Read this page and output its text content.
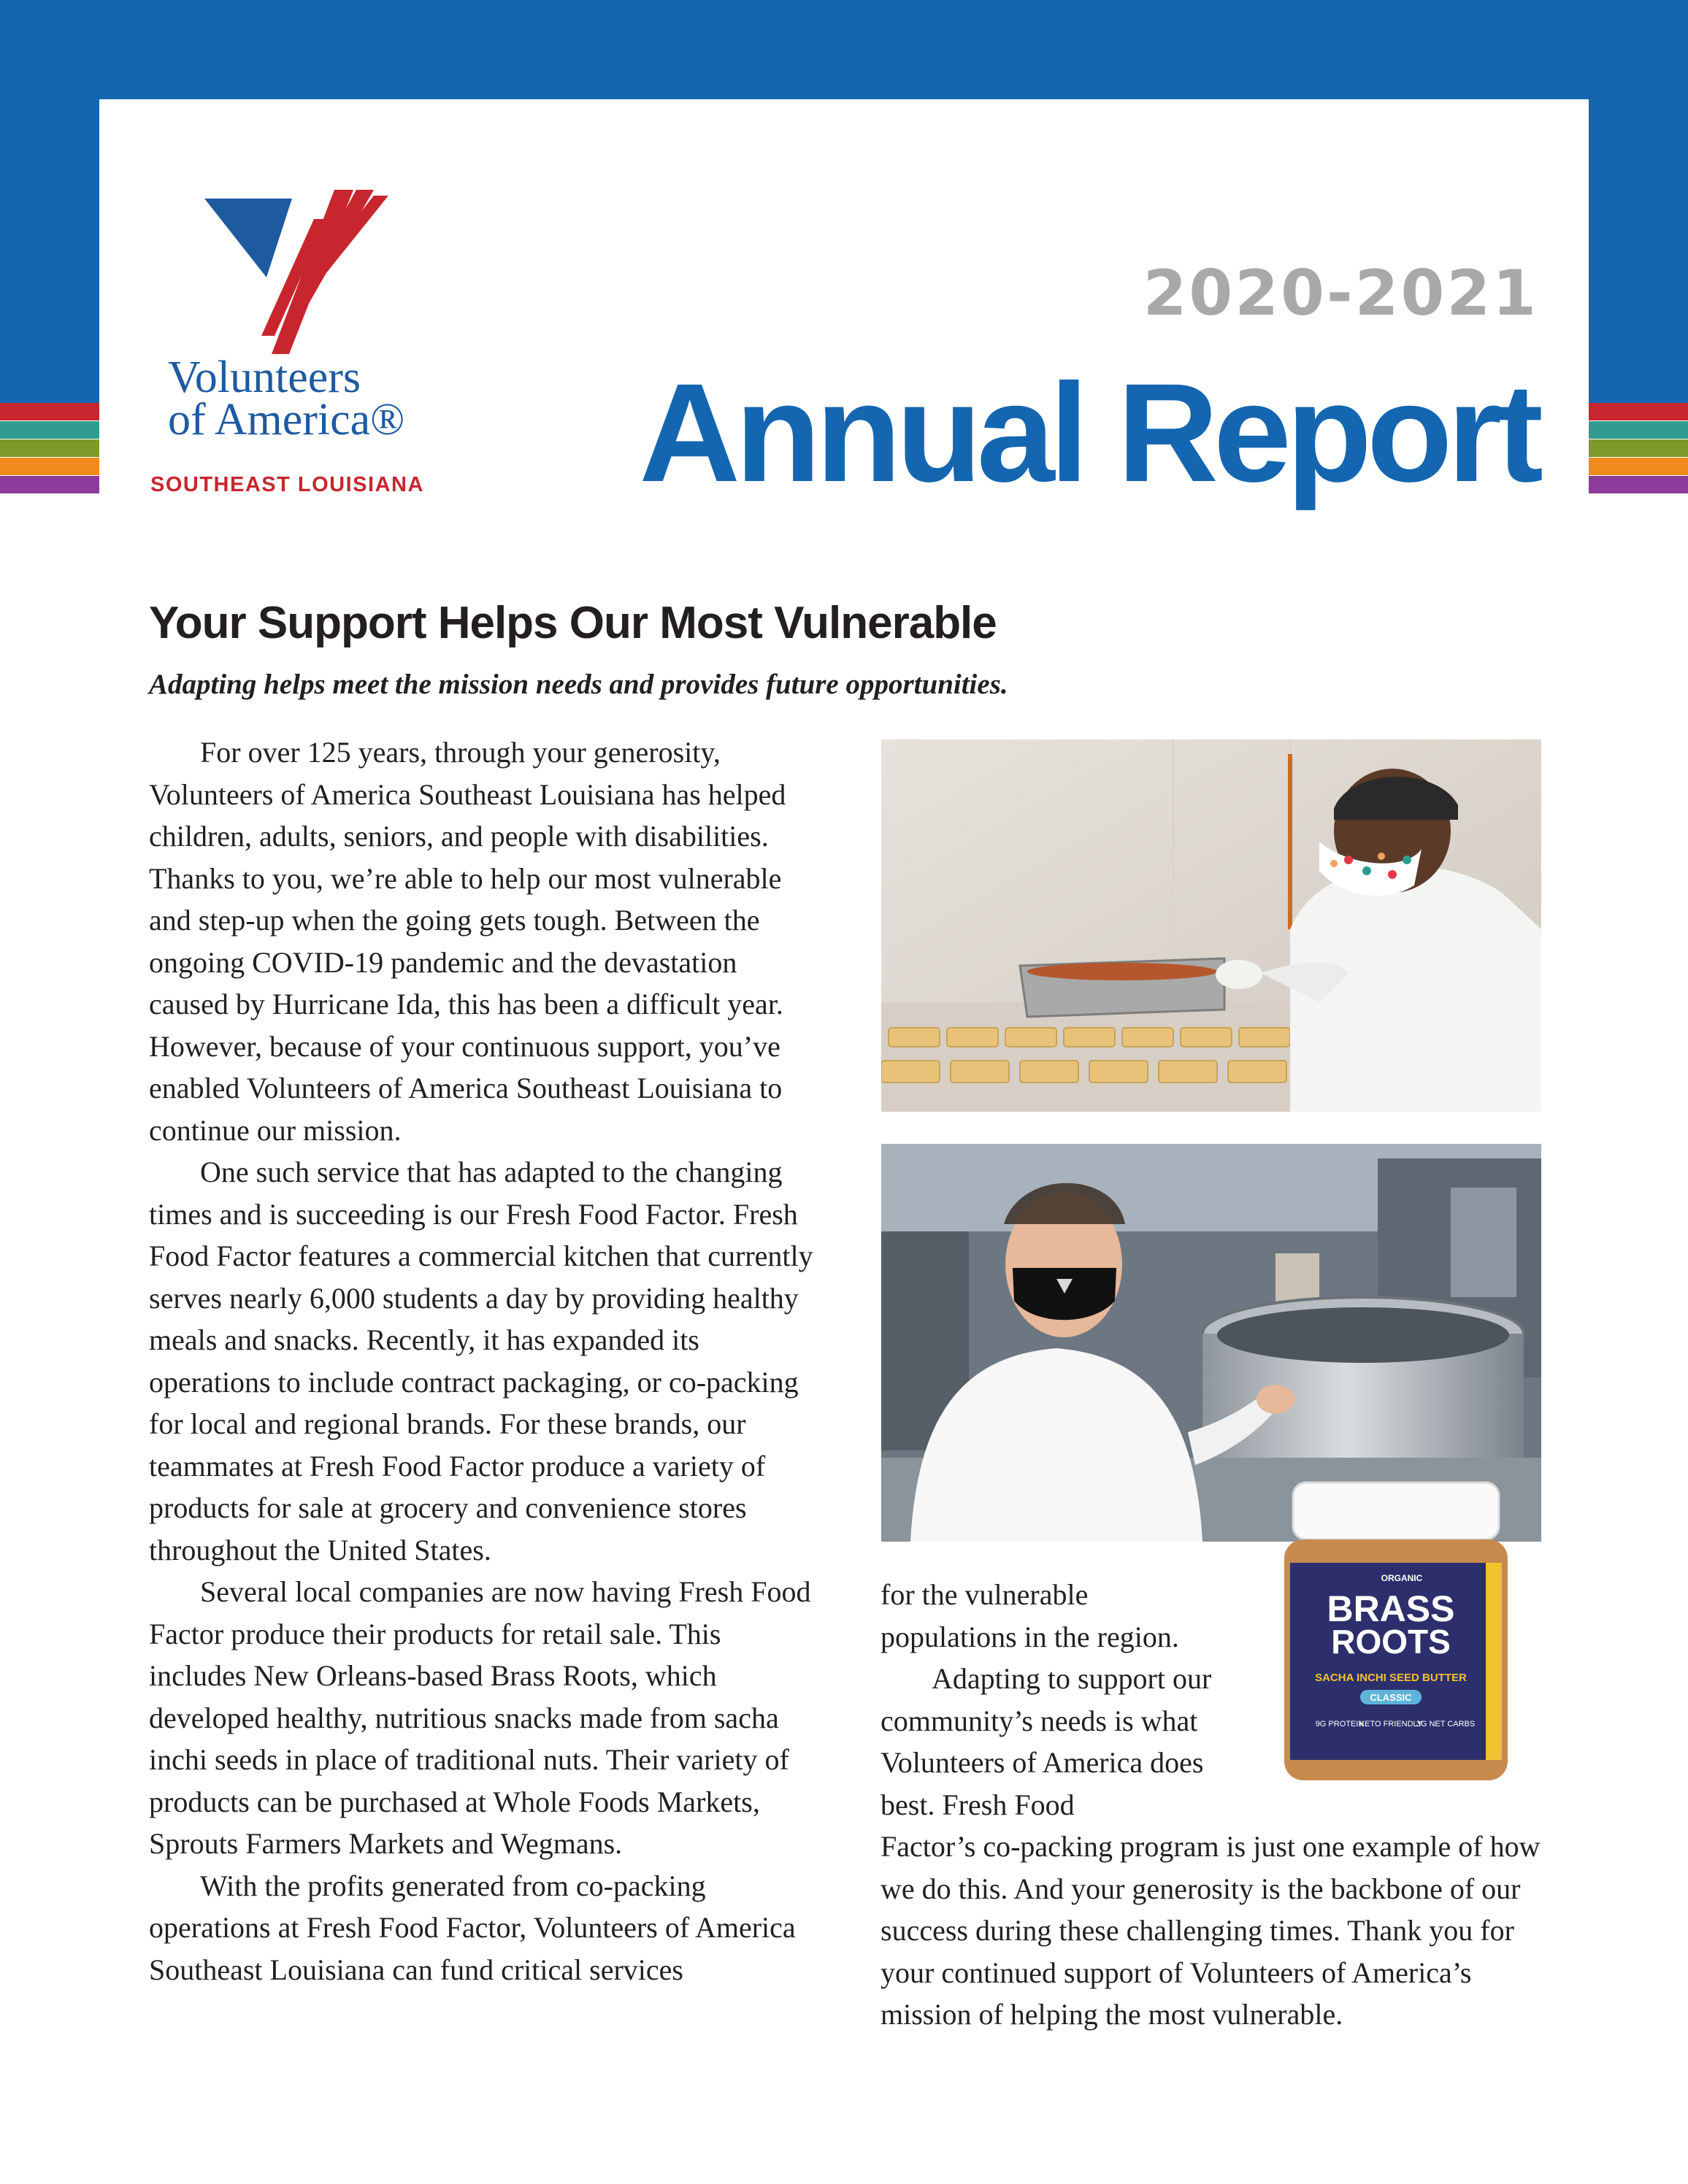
Volunteers
of America®
SOUTHEAST LOUISIANA
2020-2021
Annual Report
Your Support Helps Our Most Vulnerable
Adapting helps meet the mission needs and provides future opportunities.

For over 125 years, through your generosity, Volunteers of America Southeast Louisiana has helped children, adults, seniors, and people with disabilities. Thanks to you, we’re able to help our most vulnerable and step-up when the going gets tough. Between the ongoing COVID-19 pandemic and the devastation caused by Hurricane Ida, this has been a difficult year. However, because of your continuous support, you’ve enabled Volunteers of America Southeast Louisiana to continue our mission.

One such service that has adapted to the changing times and is succeeding is our Fresh Food Factor. Fresh Food Factor features a commercial kitchen that currently serves nearly 6,000 students a day by providing healthy meals and snacks. Recently, it has expanded its operations to include contract packaging, or co-packing for local and regional brands. For these brands, our teammates at Fresh Food Factor produce a variety of products for sale at grocery and convenience stores throughout the United States.

Several local companies are now having Fresh Food Factor produce their products for retail sale. This includes New Orleans-based Brass Roots, which developed healthy, nutritious snacks made from sacha inchi seeds in place of traditional nuts. Their variety of products can be purchased at Whole Foods Markets, Sprouts Farmers Markets and Wegmans.

With the profits generated from co-packing operations at Fresh Food Factor, Volunteers of America Southeast Louisiana can fund critical services

ORGANIC
BRASS
ROOTS
SACHA INCHI SEED BUTTER
CLASSIC
9G PROTEIN
KETO FRIENDLY
3G NET CARBS

for the vulnerable populations in the region.

Adapting to support our community’s needs is what Volunteers of America does best. Fresh Food

Factor’s co-packing program is just one example of how we do this. And your generosity is the backbone of our success during these challenging times. Thank you for your continued support of Volunteers of America’s mission of helping the most vulnerable.
